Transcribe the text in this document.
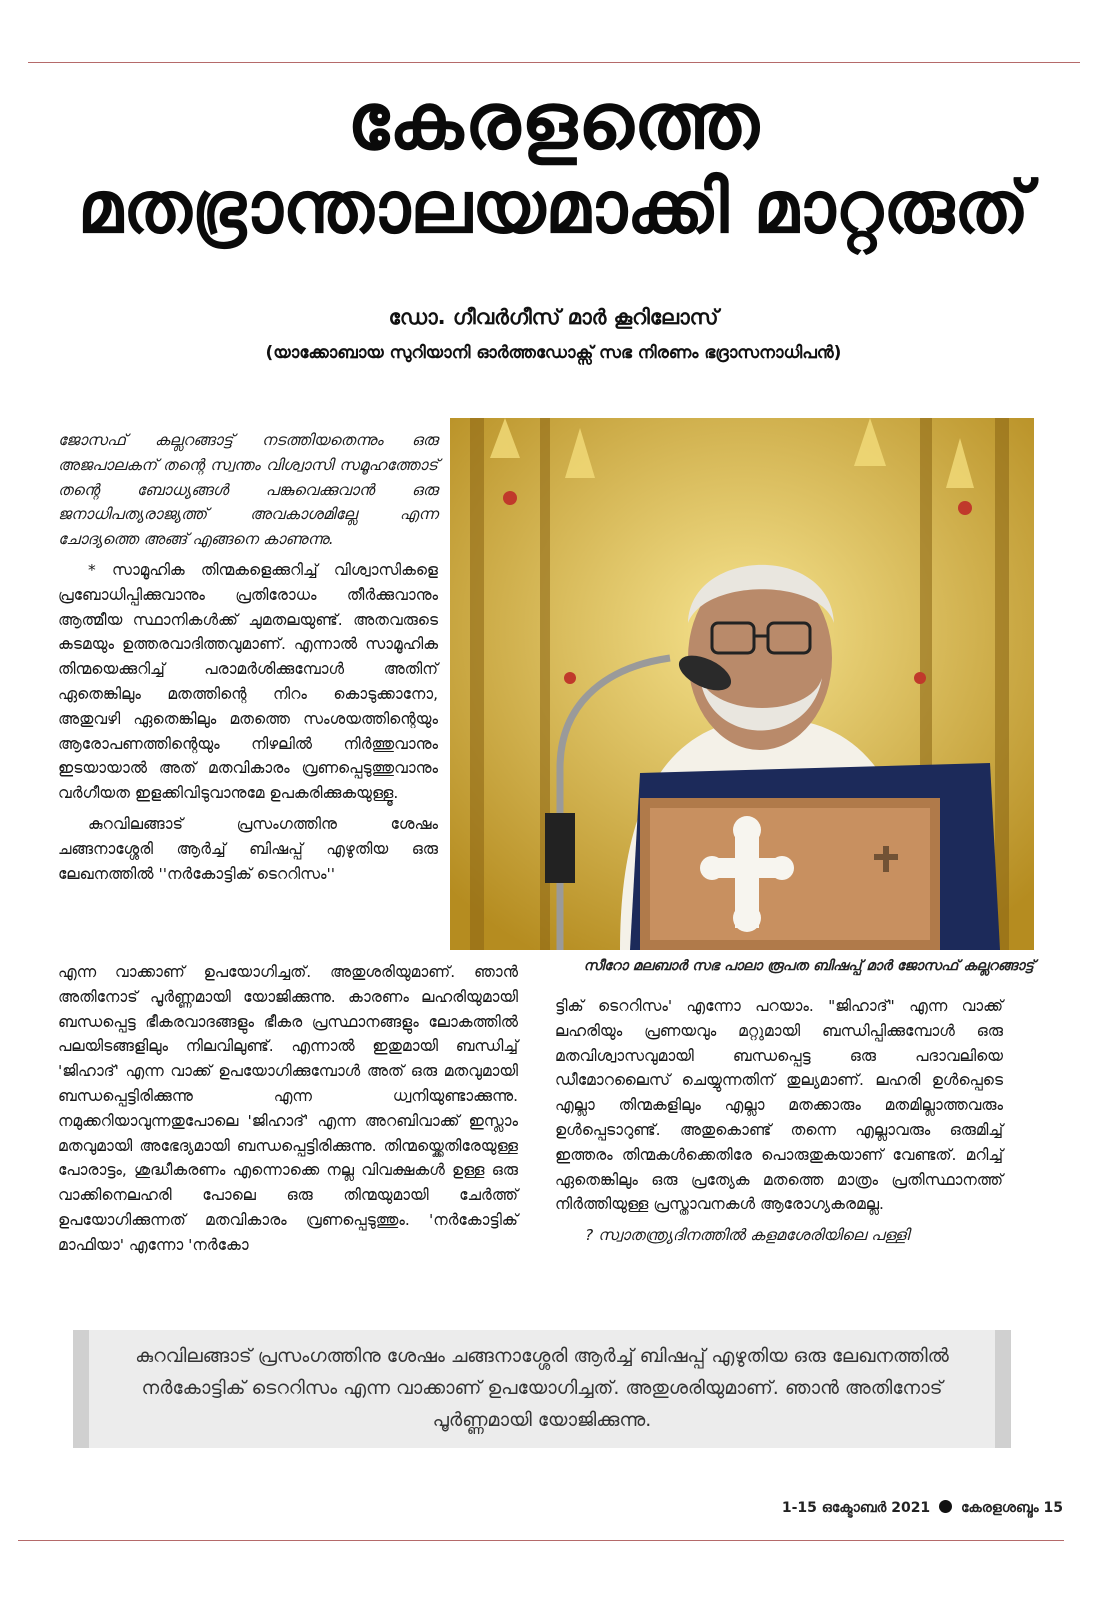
കേരളത്തെ
മതഭ്രാന്താലയമാക്കി മാറ്റരുത്
ഡോ. ഗീവർഗീസ് മാർ കൂറിലോസ്
(യാക്കോബായ സുറിയാനി ഓർത്തഡോക്സ് സഭ നിരണം ഭദ്രാസനാധിപൻ)

ജോസഫ് കല്ലറങ്ങാട്ട് നടത്തിയതെന്നും ഒരു അജപാലകന് തന്റെ സ്വന്തം വിശ്വാസി സമൂഹത്തോട് തന്റെ ബോധ്യങ്ങൾ പങ്കുവെക്കുവാൻ ഒരു ജനാധിപത്യരാജ്യത്ത് അവകാശമില്ലേ എന്ന ചോദ്യത്തെ അങ്ങ് എങ്ങനെ കാണുന്നു.

* സാമൂഹിക തിന്മകളെക്കുറിച്ച് വിശ്വാസികളെ പ്രബോധിപ്പിക്കുവാനും പ്രതിരോധം തീർക്കുവാനും ആത്മീയ സ്ഥാനികൾക്ക് ചുമതലയുണ്ട്. അതവരുടെ കടമയും ഉത്തരവാദിത്തവുമാണ്. എന്നാൽ സാമൂഹിക തിന്മയെക്കുറിച്ച് പരാമർശിക്കുമ്പോൾ അതിന് ഏതെങ്കിലും മതത്തിന്റെ നിറം കൊടുക്കാനോ, അതുവഴി ഏതെങ്കിലും മതത്തെ സംശയത്തിന്റെയും ആരോപണത്തിന്റെയും നിഴലിൽ നിർത്തുവാനും ഇടയായാൽ അത് മതവികാരം വ്രണപ്പെടുത്തുവാനും വർഗീയത ഇളക്കിവിടുവാനുമേ ഉപകരിക്കുകയുള്ളൂ.

കുറവിലങ്ങാട് പ്രസംഗത്തിനു ശേഷം ചങ്ങനാശ്ശേരി ആർച്ച് ബിഷപ്പ് എഴുതിയ ഒരു ലേഖനത്തിൽ ''നർകോട്ടിക് ടെററിസം''

എന്ന വാക്കാണ് ഉപയോഗിച്ചത്. അതുശരിയുമാണ്. ഞാൻ അതിനോട് പൂർണ്ണമായി യോജിക്കുന്നു. കാരണം ലഹരിയുമായി ബന്ധപ്പെട്ട ഭീകരവാദങ്ങളും ഭീകര പ്രസ്ഥാനങ്ങളും ലോകത്തിൽ പലയിടങ്ങളിലും നിലവിലുണ്ട്. എന്നാൽ ഇതുമായി ബന്ധിച്ച് 'ജിഹാദ്' എന്ന വാക്ക് ഉപയോഗിക്കുമ്പോൾ അത് ഒരു മതവുമായി ബന്ധപ്പെട്ടിരിക്കുന്നു എന്ന ധ്വനിയുണ്ടാക്കുന്നു. നമുക്കറിയാവുന്നതുപോലെ 'ജിഹാദ്' എന്ന അറബിവാക്ക് ഇസ്ലാം മതവുമായി അഭേദ്യമായി ബന്ധപ്പെട്ടിരിക്കുന്നു. തിന്മയ്ക്കെതിരേയുള്ള പോരാട്ടം, ശുദ്ധീകരണം എന്നൊക്കെ നല്ല വിവക്ഷകൾ ഉള്ള ഒരു വാക്കിനെലഹരി പോലെ ഒരു തിന്മയുമായി ചേർത്ത് ഉപയോഗിക്കുന്നത് മതവികാരം വ്രണപ്പെടുത്തും. 'നർകോട്ടിക് മാഫിയാ' എന്നോ 'നർകോ

സീറോ മലബാർ സഭ പാലാ രൂപത ബിഷപ്പ് മാർ ജോസഫ് കല്ലറങ്ങാട്ട്

ട്ടിക് ടെററിസം' എന്നോ പറയാം. "ജിഹാദ്" എന്ന വാക്ക് ലഹരിയും പ്രണയവും മറ്റുമായി ബന്ധിപ്പിക്കുമ്പോൾ ഒരു മതവിശ്വാസവുമായി ബന്ധപ്പെട്ട ഒരു പദാവലിയെ ഡീമോറലൈസ് ചെയ്യുന്നതിന് തുല്യമാണ്. ലഹരി ഉൾപ്പെടെ എല്ലാ തിന്മകളിലും എല്ലാ മതക്കാരും മതമില്ലാത്തവരും ഉൾപ്പെടാറുണ്ട്. അതുകൊണ്ട് തന്നെ എല്ലാവരും ഒരുമിച്ച് ഇത്തരം തിന്മകൾക്കെതിരേ പൊരുതുകയാണ് വേണ്ടത്. മറിച്ച് ഏതെങ്കിലും ഒരു പ്രത്യേക മതത്തെ മാത്രം പ്രതിസ്ഥാനത്ത് നിർത്തിയുള്ള പ്രസ്താവനകൾ ആരോഗ്യകരമല്ല.

? സ്വാതന്ത്ര്യദിനത്തിൽ കളമശേരിയിലെ പള്ളി

കുറവിലങ്ങാട് പ്രസംഗത്തിനു ശേഷം ചങ്ങനാശ്ശേരി ആർച്ച് ബിഷപ്പ് എഴുതിയ ഒരു ലേഖനത്തിൽ നർകോട്ടിക് ടെററിസം എന്ന വാക്കാണ് ഉപയോഗിച്ചത്. അതുശരിയുമാണ്. ഞാൻ അതിനോട് പൂർണ്ണമായി യോജിക്കുന്നു.
1-15 ഒക്ടോബർ 2021 കേരളശബ്ദം 15
